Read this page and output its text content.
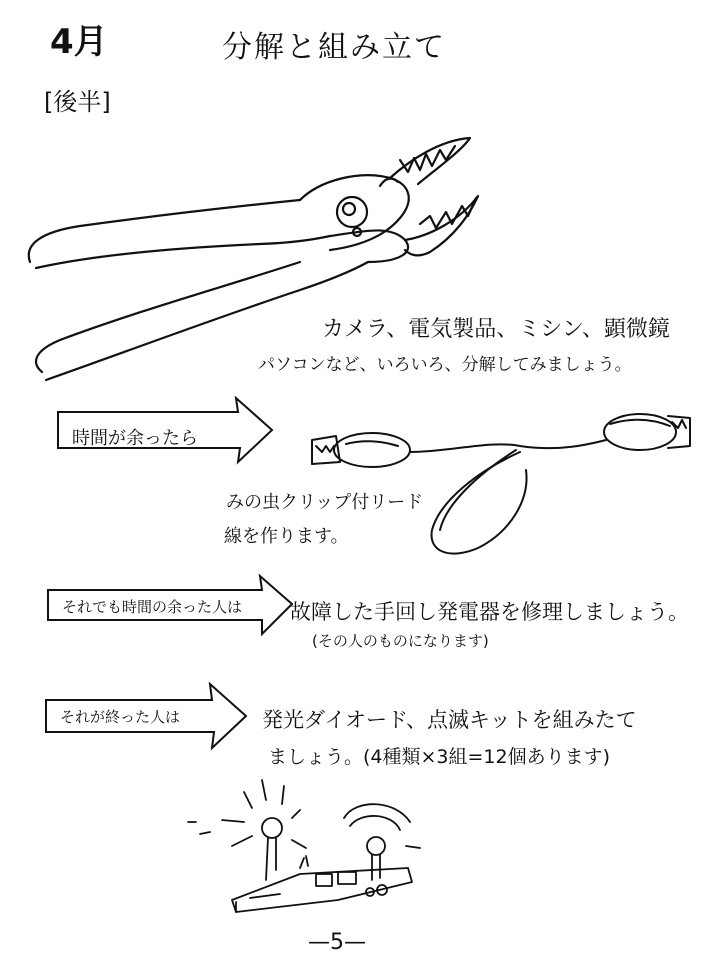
4月	分解と組み立て
[後半]
カメラ、電気製品、ミシン、顕微鏡
パソコンなど、いろいろ、分解してみましょう。
時間が余ったら
みの虫クリップ付リード
線を作ります。
それでも時間の余った人は 故障した手回し発電器を修理しましょう。
(その人のものになります)
それが終った人は	発光ダイオード、点滅キットを組みたて
ましょう。(4種類×3組=12個あります)
—5—
